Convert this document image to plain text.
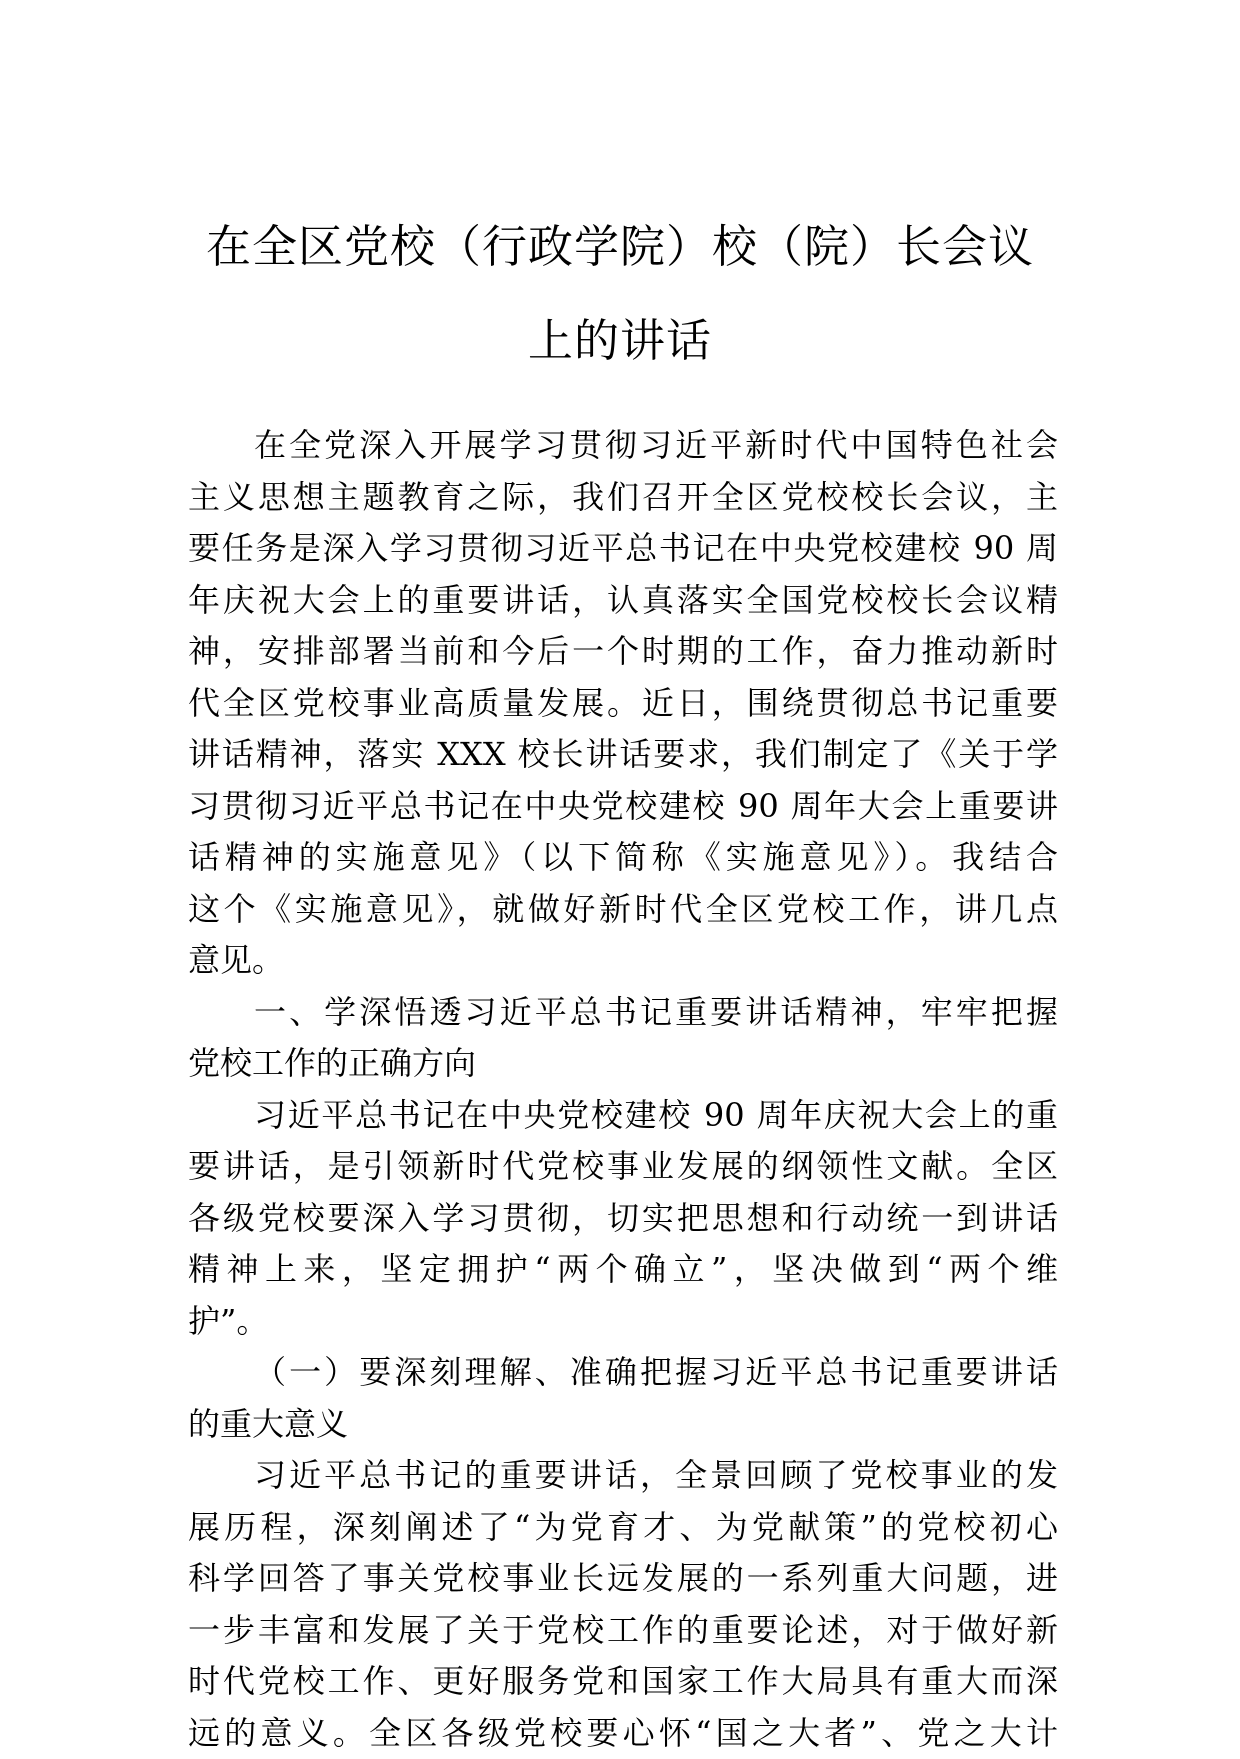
在全区党校（行政学院）校（院）长会议
上的讲话
在全党深入开展学习贯彻习近平新时代中国特色社会
主义思想主题教育之际，我们召开全区党校校长会议，主
要任务是深入学习贯彻习近平总书记在中央党校建校 90 周
年庆祝大会上的重要讲话，认真落实全国党校校长会议精
神，安排部署当前和今后一个时期的工作，奋力推动新时
代全区党校事业高质量发展。近日，围绕贯彻总书记重要
讲话精神，落实 XXX 校长讲话要求，我们制定了《关于学
习贯彻习近平总书记在中央党校建校 90 周年大会上重要讲
话精神的实施意见》（以下简称《实施意见》）。我结合
这个《实施意见》，就做好新时代全区党校工作，讲几点
意见。
一、学深悟透习近平总书记重要讲话精神，牢牢把握
党校工作的正确方向
习近平总书记在中央党校建校 90 周年庆祝大会上的重
要讲话，是引领新时代党校事业发展的纲领性文献。全区
各级党校要深入学习贯彻，切实把思想和行动统一到讲话
精神上来，坚定拥护“两个确立”，坚决做到“两个维
护”。
（一）要深刻理解、准确把握习近平总书记重要讲话
的重大意义
习近平总书记的重要讲话，全景回顾了党校事业的发
展历程，深刻阐述了“为党育才、为党献策”的党校初心
科学回答了事关党校事业长远发展的一系列重大问题，进
一步丰富和发展了关于党校工作的重要论述，对于做好新
时代党校工作、更好服务党和国家工作大局具有重大而深
远的意义。全区各级党校要心怀“国之大者”、党之大计
